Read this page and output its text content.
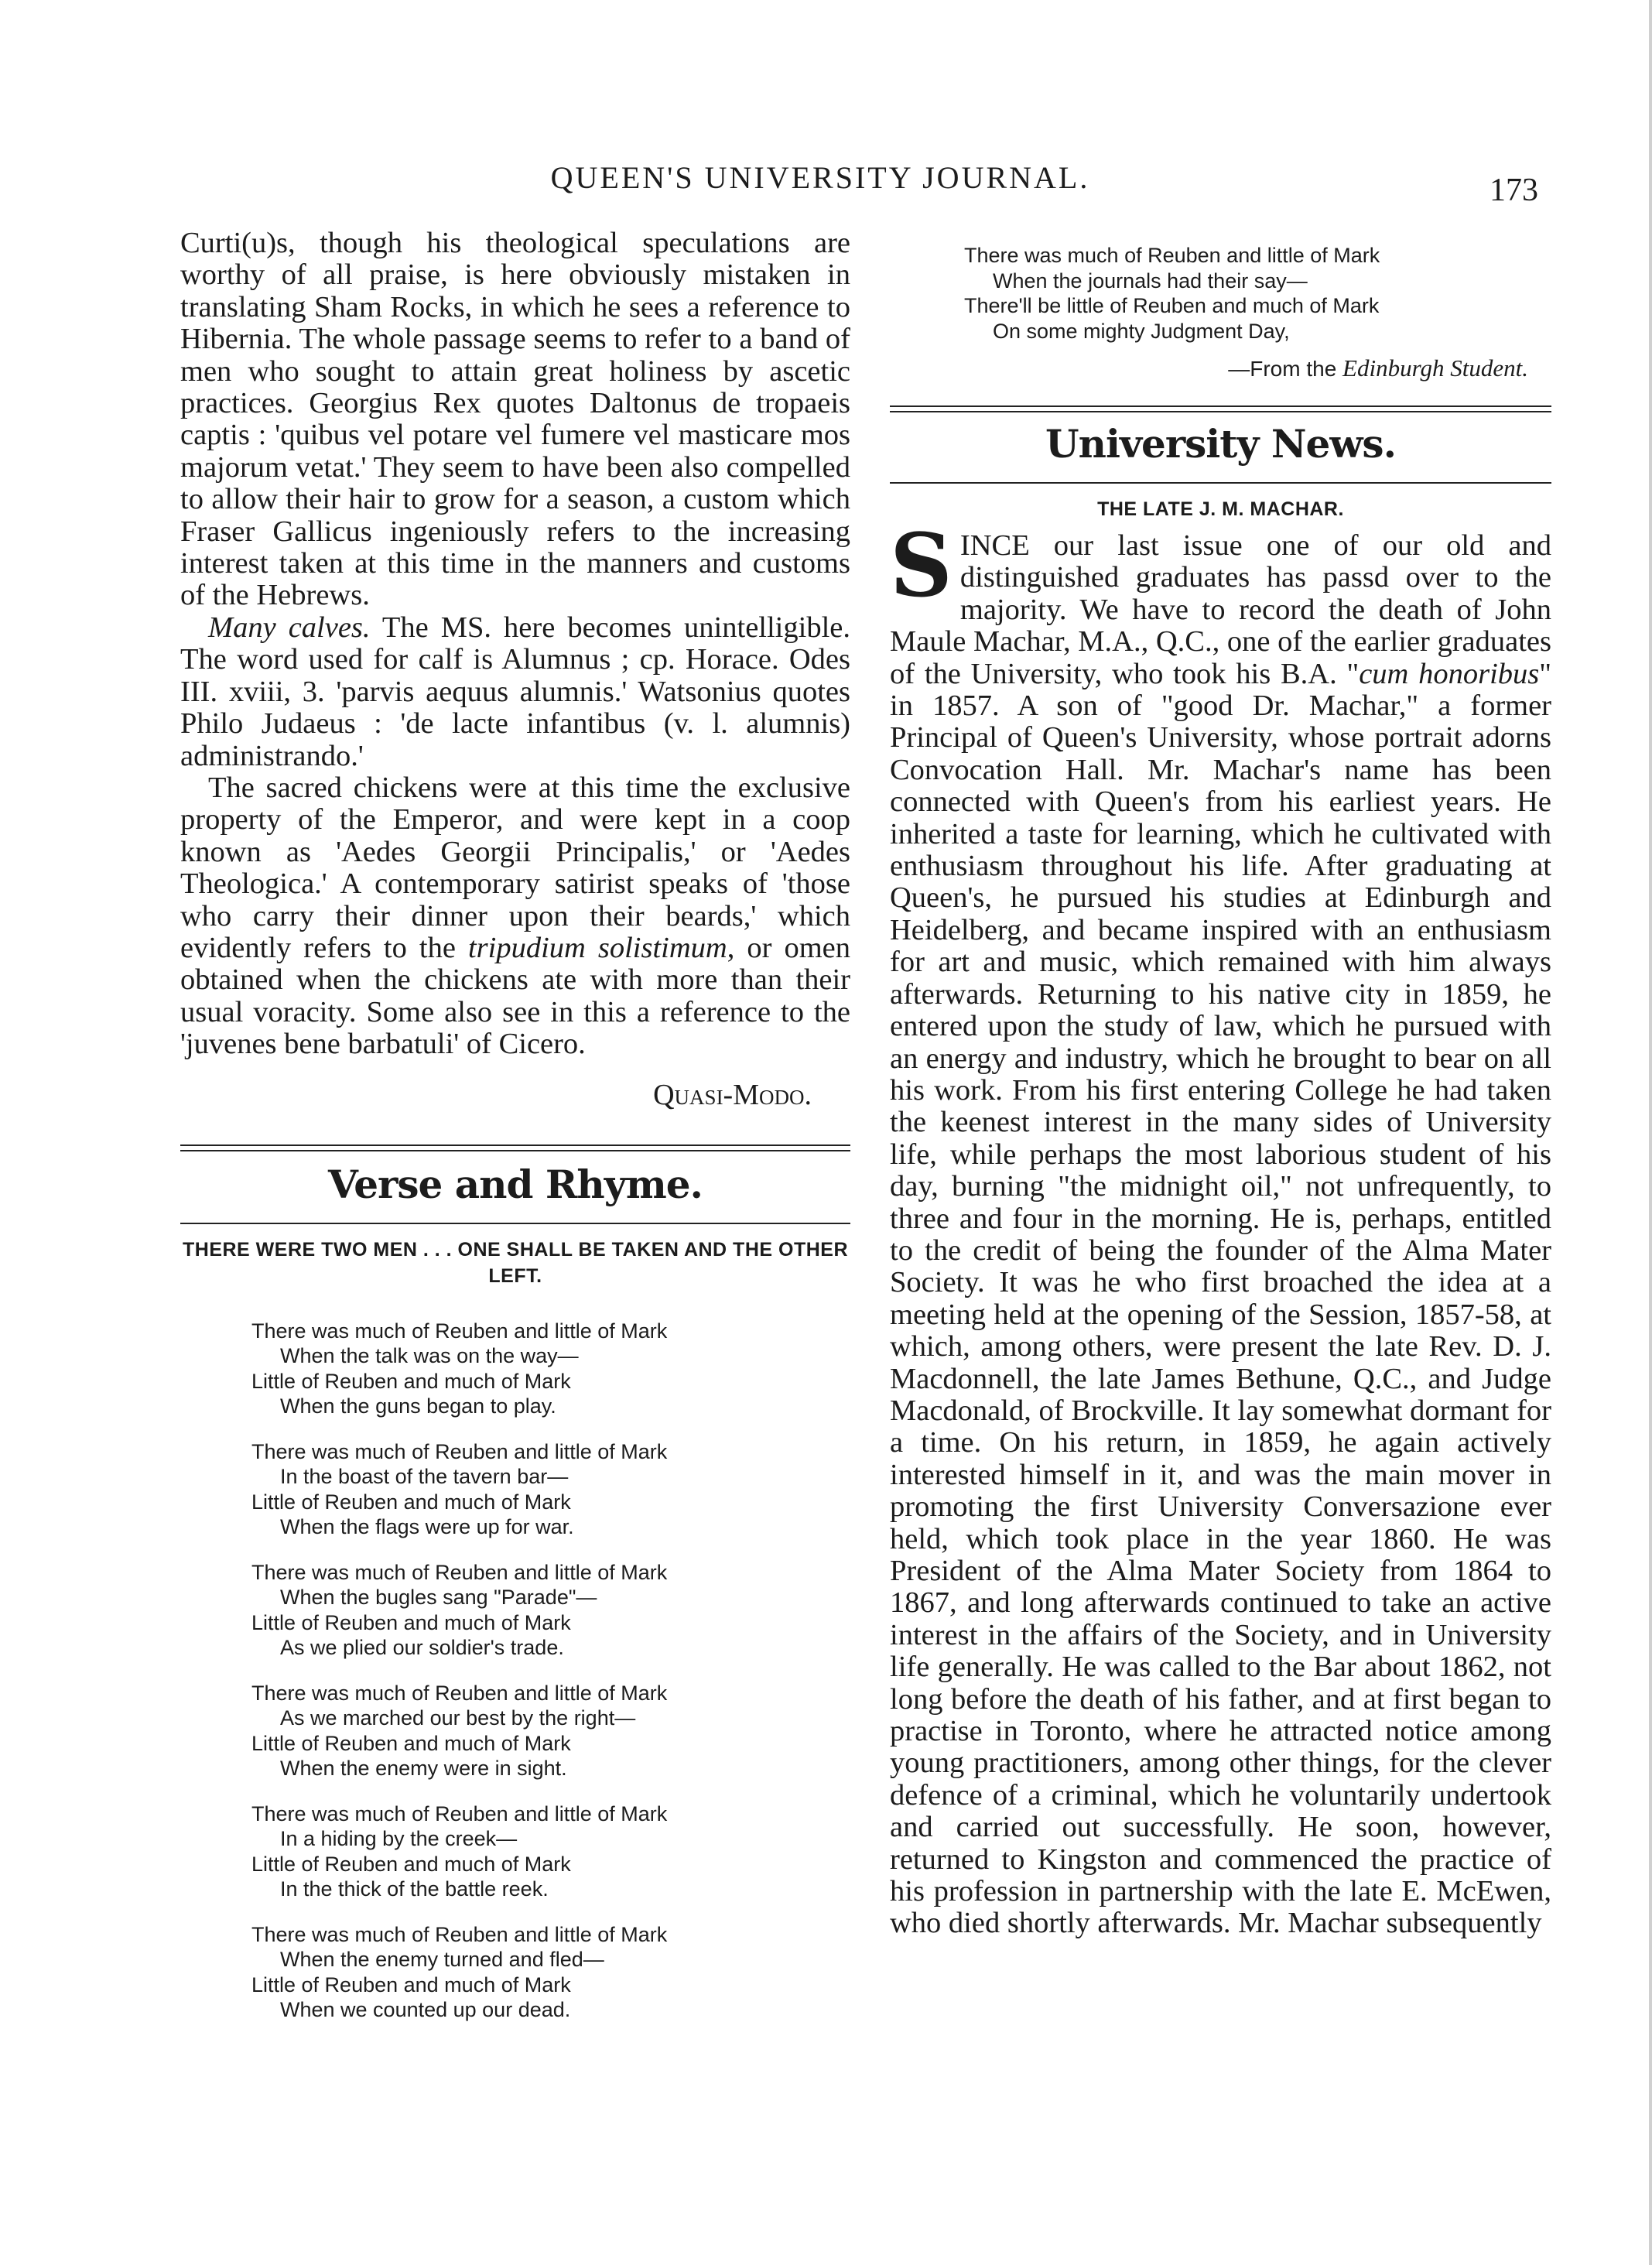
QUEEN'S UNIVERSITY JOURNAL.	173

Curti(u)s, though his theological speculations are worthy of all praise, is here obviously mistaken in translating Sham Rocks, in which he sees a reference to Hibernia. The whole passage seems to refer to a band of men who sought to attain great holiness by ascetic practices. Georgius Rex quotes Daltonus de tropaeis captis : 'quibus vel potare vel fumere vel masticare mos majorum vetat.' They seem to have been also compelled to allow their hair to grow for a season, a custom which Fraser Gallicus ingeniously refers to the increasing interest taken at this time in the manners and customs of the Hebrews.

Many calves. The MS. here becomes unintelligible. The word used for calf is Alumnus ; cp. Horace. Odes III. xviii, 3. 'parvis aequus alumnis.' Watsonius quotes Philo Judaeus : 'de lacte infantibus (v. l. alumnis) administrando.'

The sacred chickens were at this time the exclusive property of the Emperor, and were kept in a coop known as 'Aedes Georgii Principalis,' or 'Aedes Theologica.' A contemporary satirist speaks of 'those who carry their dinner upon their beards,' which evidently refers to the tripudium solistimum, or omen obtained when the chickens ate with more than their usual voracity. Some also see in this a reference to the 'juvenes bene barbatuli' of Cicero.

Quasi-Modo.
Verse and Rhyme.
THERE WERE TWO MEN . . . ONE SHALL BE TAKEN AND THE OTHER LEFT.
There was much of Reuben and little of Mark
When the talk was on the way—
Little of Reuben and much of Mark
When the guns began to play.
There was much of Reuben and little of Mark
In the boast of the tavern bar—
Little of Reuben and much of Mark
When the flags were up for war.
There was much of Reuben and little of Mark
When the bugles sang "Parade"—
Little of Reuben and much of Mark
As we plied our soldier's trade.
There was much of Reuben and little of Mark
As we marched our best by the right—
Little of Reuben and much of Mark
When the enemy were in sight.
There was much of Reuben and little of Mark
In a hiding by the creek—
Little of Reuben and much of Mark
In the thick of the battle reek.
There was much of Reuben and little of Mark
When the enemy turned and fled—
Little of Reuben and much of Mark
When we counted up our dead.
There was much of Reuben and little of Mark
When the journals had their say—
There'll be little of Reuben and much of Mark
On some mighty Judgment Day,
—From the Edinburgh Student.
University News.
THE LATE J. M. MACHAR.

SINCE our last issue one of our old and distinguished graduates has passd over to the majority. We have to record the death of John Maule Machar, M.A., Q.C., one of the earlier graduates of the University, who took his B.A. "cum honoribus" in 1857. A son of "good Dr. Machar," a former Principal of Queen's University, whose portrait adorns Convocation Hall. Mr. Machar's name has been connected with Queen's from his earliest years. He inherited a taste for learning, which he cultivated with enthusiasm throughout his life. After graduating at Queen's, he pursued his studies at Edinburgh and Heidelberg, and became inspired with an enthusiasm for art and music, which remained with him always afterwards. Returning to his native city in 1859, he entered upon the study of law, which he pursued with an energy and industry, which he brought to bear on all his work. From his first entering College he had taken the keenest interest in the many sides of University life, while perhaps the most laborious student of his day, burning "the midnight oil," not unfrequently, to three and four in the morning. He is, perhaps, entitled to the credit of being the founder of the Alma Mater Society. It was he who first broached the idea at a meeting held at the opening of the Session, 1857-58, at which, among others, were present the late Rev. D. J. Macdonnell, the late James Bethune, Q.C., and Judge Macdonald, of Brockville. It lay somewhat dormant for a time. On his return, in 1859, he again actively interested himself in it, and was the main mover in promoting the first University Conversazione ever held, which took place in the year 1860. He was President of the Alma Mater Society from 1864 to 1867, and long afterwards continued to take an active interest in the affairs of the Society, and in University life generally. He was called to the Bar about 1862, not long before the death of his father, and at first began to practise in Toronto, where he attracted notice among young practitioners, among other things, for the clever defence of a criminal, which he voluntarily undertook and carried out successfully. He soon, however, returned to Kingston and commenced the practice of his profession in partnership with the late E. McEwen, who died shortly afterwards. Mr. Machar subsequently
